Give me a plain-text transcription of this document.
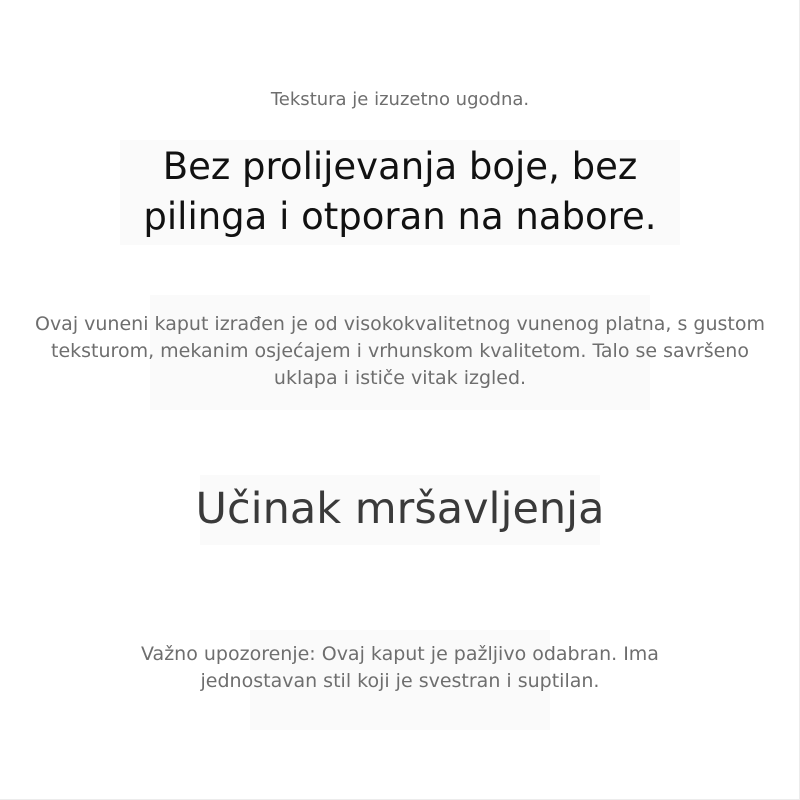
Tekstura je izuzetno ugodna.

Bez prolijevanja boje, bez pilinga i otporan na nabore.

Ovaj vuneni kaput izrađen je od visokokvalitetnog vunenog platna, s gustom teksturom, mekanim osjećajem i vrhunskom kvalitetom. Talo se savršeno uklapa i ističe vitak izgled.

Učinak mršavljenja

Važno upozorenje: Ovaj kaput je pažljivo odabran. Ima jednostavan stil koji je svestran i suptilan.
